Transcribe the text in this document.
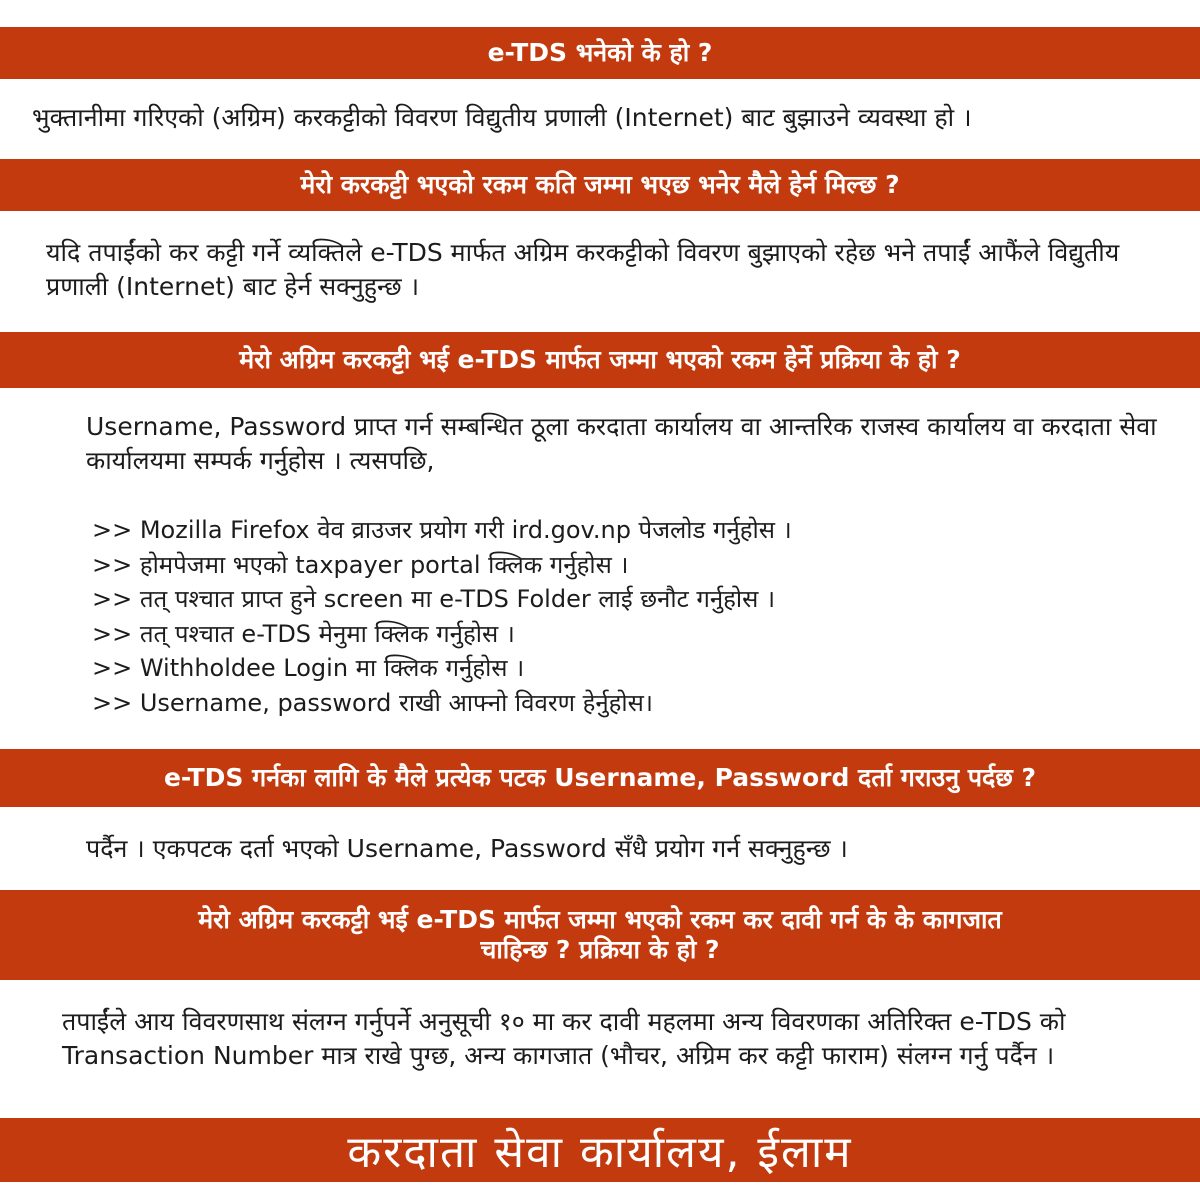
e-TDS भनेको के हो ?

भुक्तानीमा गरिएको (अग्रिम) करकट्टीको विवरण विद्युतीय प्रणाली (Internet) बाट बुझाउने व्यवस्था हो ।

मेरो करकट्टी भएको रकम कति जम्मा भएछ भनेर मैले हेर्न मिल्छ ?

यदि तपाईंको कर कट्टी गर्ने व्यक्तिले e-TDS मार्फत अग्रिम करकट्टीको विवरण बुझाएको रहेछ भने तपाईं आफैंले विद्युतीय प्रणाली (Internet) बाट हेर्न सक्नुहुन्छ ।

मेरो अग्रिम करकट्टी भई e-TDS मार्फत जम्मा भएको रकम हेर्ने प्रक्रिया के हो ?

Username, Password प्राप्त गर्न सम्बन्धित ठूला करदाता कार्यालय वा आन्तरिक राजस्व कार्यालय वा करदाता सेवा कार्यालयमा सम्पर्क गर्नुहोस । त्यसपछि,

>> Mozilla Firefox वेव व्राउजर प्रयोग गरी ird.gov.np पेजलोड गर्नुहोस ।
>> होमपेजमा भएको taxpayer portal क्लिक गर्नुहोस ।
>> तत् पश्चात प्राप्त हुने screen मा e-TDS Folder लाई छनौट गर्नुहोस ।
>> तत् पश्चात e-TDS मेनुमा क्लिक गर्नुहोस ।
>> Withholdee Login मा क्लिक गर्नुहोस ।
>> Username, password राखी आफ्नो विवरण हेर्नुहोस।
e-TDS गर्नका लागि के मैले प्रत्येक पटक Username, Password दर्ता गराउनु पर्दछ ?

पर्दैन । एकपटक दर्ता भएको Username, Password सँधै प्रयोग गर्न सक्नुहुन्छ ।

मेरो अग्रिम करकट्टी भई e-TDS मार्फत जम्मा भएको रकम कर दावी गर्न के के कागजात चाहिन्छ ? प्रक्रिया के हो ?

तपाईंले आय विवरणसाथ संलग्न गर्नुपर्ने अनुसूची १० मा कर दावी महलमा अन्य विवरणका अतिरिक्त e-TDS को Transaction Number मात्र राखे पुग्छ, अन्य कागजात (भौचर, अग्रिम कर कट्टी फाराम) संलग्न गर्नु पर्दैन ।

करदाता सेवा कार्यालय, ईलाम
